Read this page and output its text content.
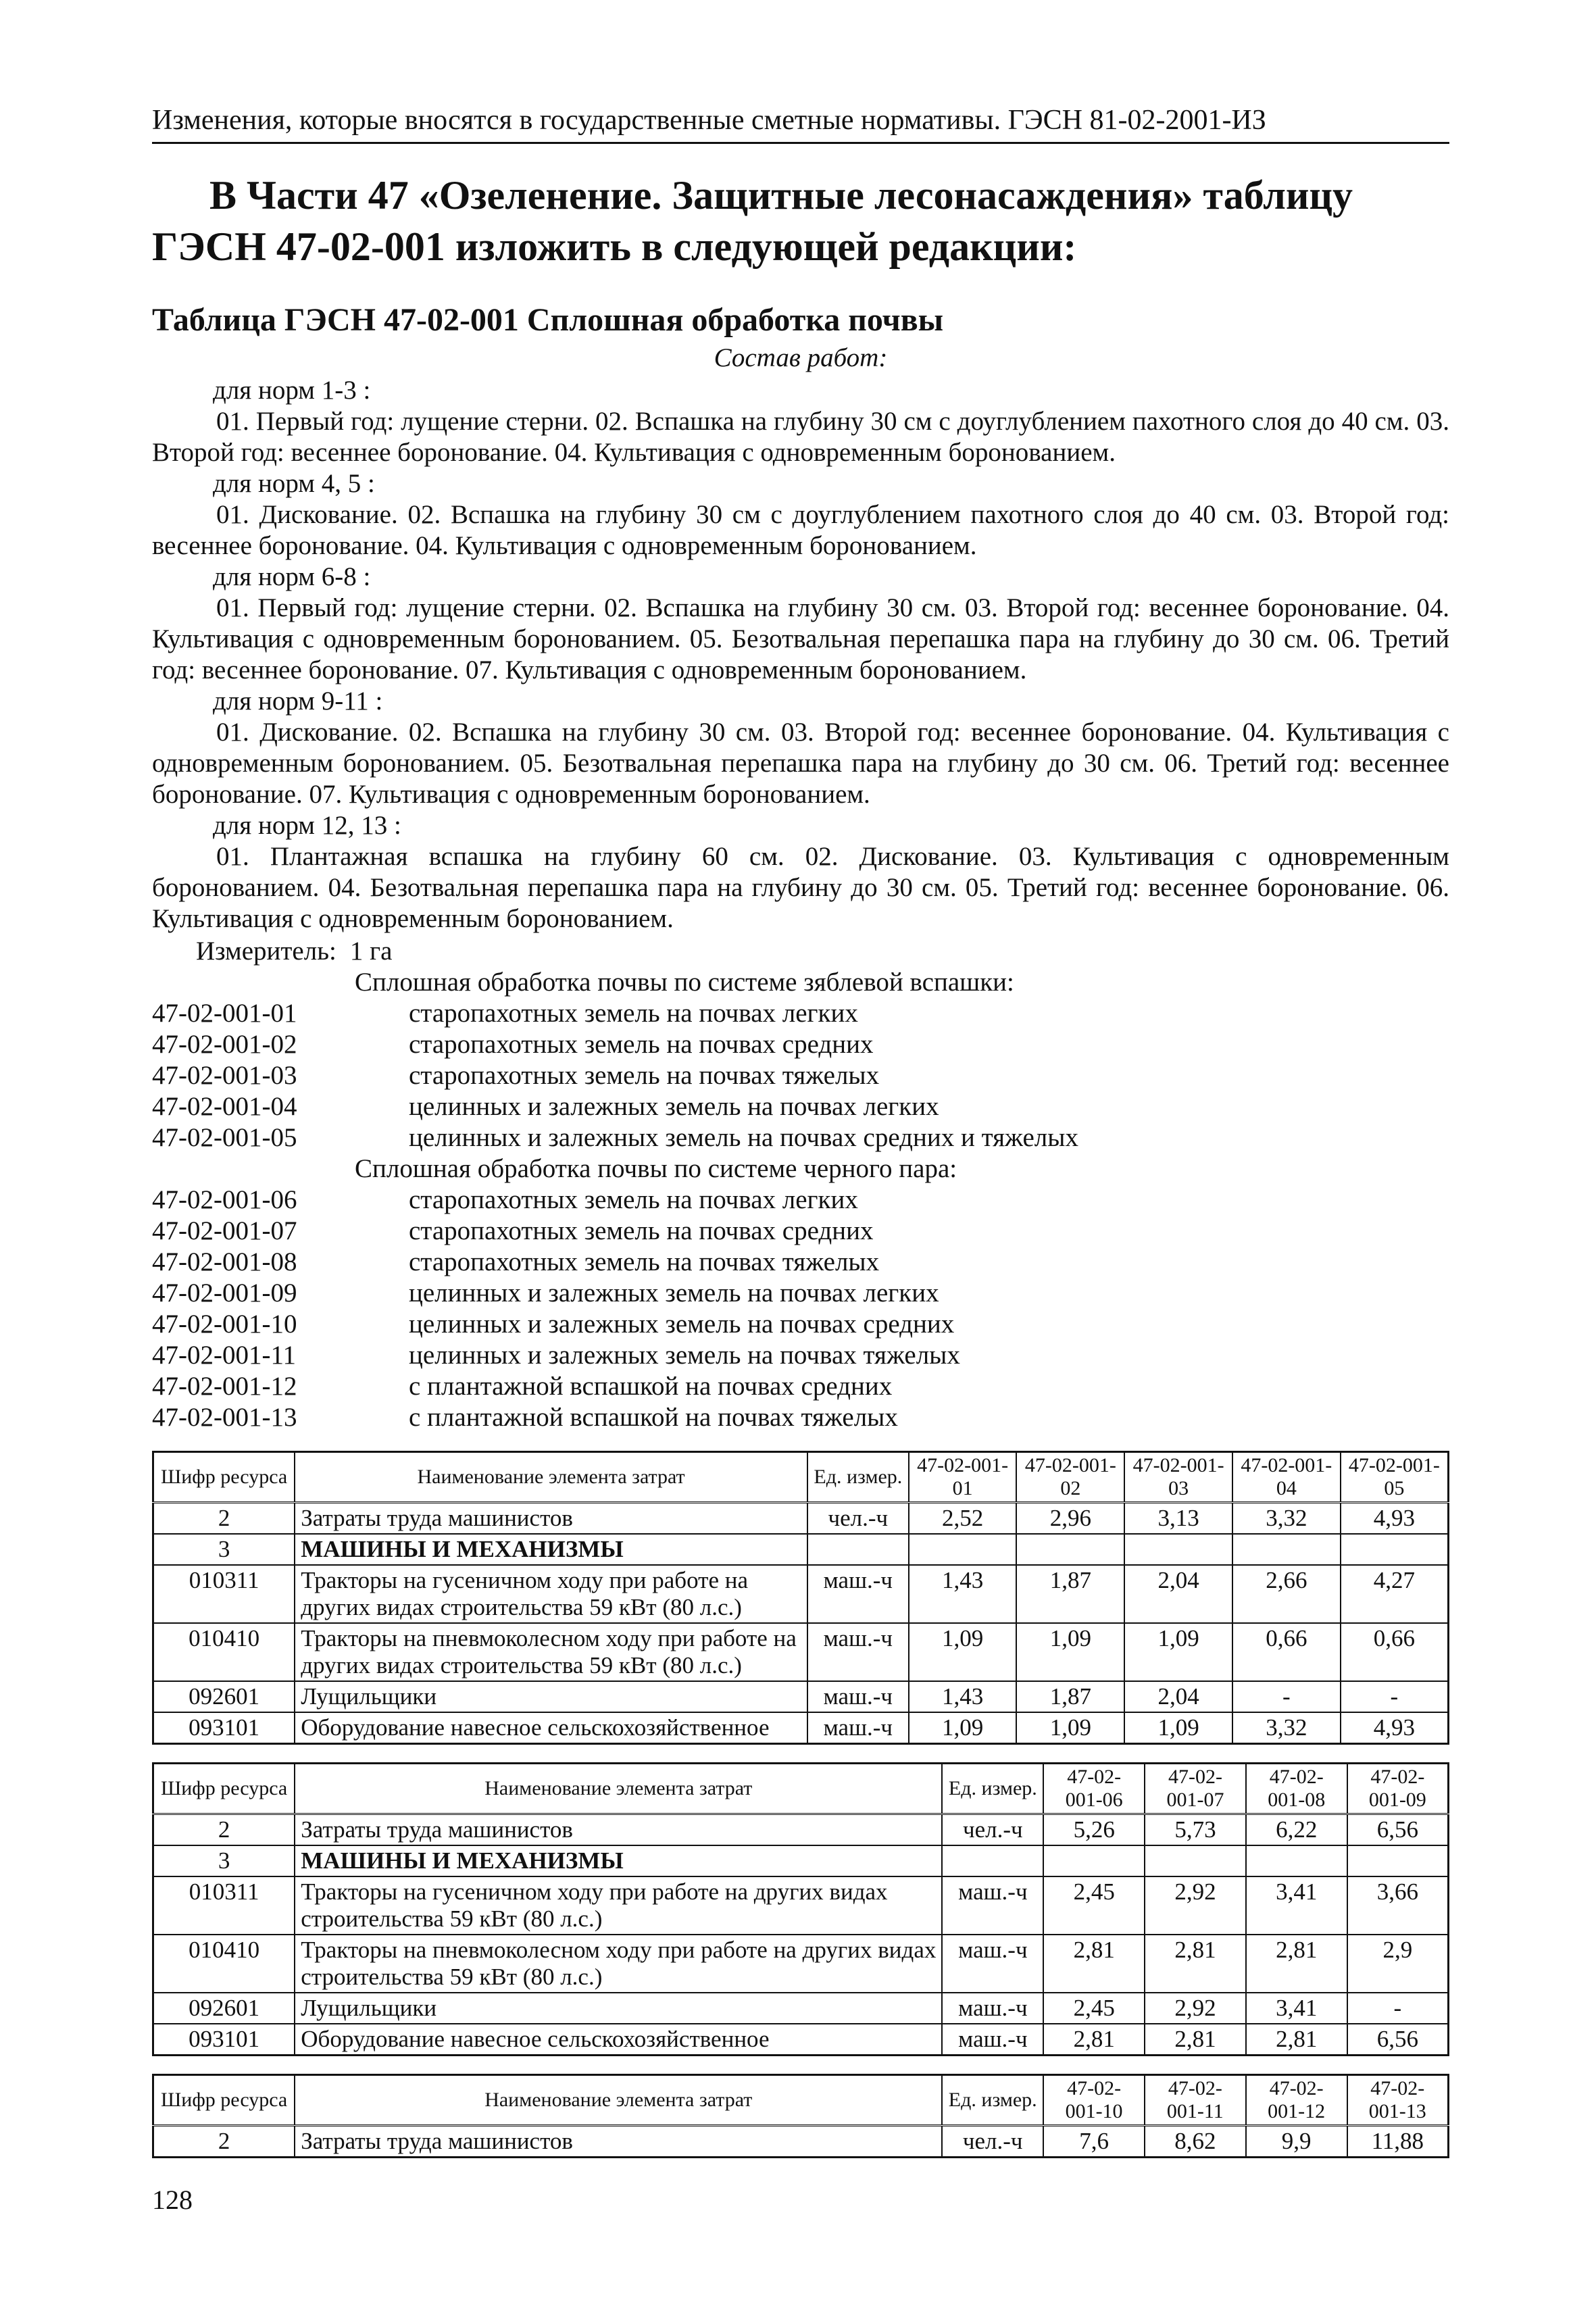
Изменения, которые вносятся в государственные сметные нормативы. ГЭСН 81-02-2001-ИЗ
В Части 47 «Озеленение. Защитные лесонасаждения» таблицу ГЭСН 47-02-001 изложить в следующей редакции:
Таблица ГЭСН 47-02-001 Сплошная обработка почвы
Состав работ:
для норм 1-3 :
01. Первый год: лущение стерни. 02. Вспашка на глубину 30 см с доуглублением пахотного слоя до 40 см. 03. Второй год: весеннее боронование. 04. Культивация с одновременным боронованием.
для норм 4, 5 :
01. Дискование. 02. Вспашка на глубину 30 см с доуглублением пахотного слоя до 40 см. 03. Второй год: весеннее боронование. 04. Культивация с одновременным боронованием.
для норм 6-8 :
01. Первый год: лущение стерни. 02. Вспашка на глубину 30 см. 03. Второй год: весеннее боронование. 04. Культивация с одновременным боронованием. 05. Безотвальная перепашка пара на глубину до 30 см. 06. Третий год: весеннее боронование. 07. Культивация с одновременным боронованием.
для норм 9-11 :
01. Дискование. 02. Вспашка на глубину 30 см. 03. Второй год: весеннее боронование. 04. Культивация с одновременным боронованием. 05. Безотвальная перепашка пара на глубину до 30 см. 06. Третий год: весеннее боронование. 07. Культивация с одновременным боронованием.
для норм 12, 13 :
01. Плантажная вспашка на глубину 60 см. 02. Дискование. 03. Культивация с одновременным боронованием. 04. Безотвальная перепашка пара на глубину до 30 см. 05. Третий год: весеннее боронование. 06. Культивация с одновременным боронованием.
Измеритель: 1 га
Сплошная обработка почвы по системе зяблевой вспашки:
47-02-001-01	старопахотных земель на почвах легких
47-02-001-02	старопахотных земель на почвах средних
47-02-001-03	старопахотных земель на почвах тяжелых
47-02-001-04	целинных и залежных земель на почвах легких
47-02-001-05	целинных и залежных земель на почвах средних и тяжелых
Сплошная обработка почвы по системе черного пара:
47-02-001-06	старопахотных земель на почвах легких
47-02-001-07	старопахотных земель на почвах средних
47-02-001-08	старопахотных земель на почвах тяжелых
47-02-001-09	целинных и залежных земель на почвах легких
47-02-001-10	целинных и залежных земель на почвах средних
47-02-001-11	целинных и залежных земель на почвах тяжелых
47-02-001-12	с плантажной вспашкой на почвах средних
47-02-001-13	с плантажной вспашкой на почвах тяжелых
Шифр ресурса	Наименование элемента затрат	Ед. измер.	47-02-001-01	47-02-001-02	47-02-001-03	47-02-001-04	47-02-001-05
2	Затраты труда машинистов	чел.-ч	2,52	2,96	3,13	3,32	4,93
3	МАШИНЫ И МЕХАНИЗМЫ						
010311	Тракторы на гусеничном ходу при работе на других видах строительства 59 кВт (80 л.с.)	маш.-ч	1,43	1,87	2,04	2,66	4,27
010410	Тракторы на пневмоколесном ходу при работе на других видах строительства 59 кВт (80 л.с.)	маш.-ч	1,09	1,09	1,09	0,66	0,66
092601	Лущильщики	маш.-ч	1,43	1,87	2,04	-	-
093101	Оборудование навесное сельскохозяйственное	маш.-ч	1,09	1,09	1,09	3,32	4,93
Шифр ресурса	Наименование элемента затрат	Ед. измер.	47-02-001-06	47-02-001-07	47-02-001-08	47-02-001-09
2	Затраты труда машинистов	чел.-ч	5,26	5,73	6,22	6,56
3	МАШИНЫ И МЕХАНИЗМЫ					
010311	Тракторы на гусеничном ходу при работе на других видах строительства 59 кВт (80 л.с.)	маш.-ч	2,45	2,92	3,41	3,66
010410	Тракторы на пневмоколесном ходу при работе на других видах строительства 59 кВт (80 л.с.)	маш.-ч	2,81	2,81	2,81	2,9
092601	Лущильщики	маш.-ч	2,45	2,92	3,41	-
093101	Оборудование навесное сельскохозяйственное	маш.-ч	2,81	2,81	2,81	6,56
Шифр ресурса	Наименование элемента затрат	Ед. измер.	47-02-001-10	47-02-001-11	47-02-001-12	47-02-001-13
2	Затраты труда машинистов	чел.-ч	7,6	8,62	9,9	11,88
128
